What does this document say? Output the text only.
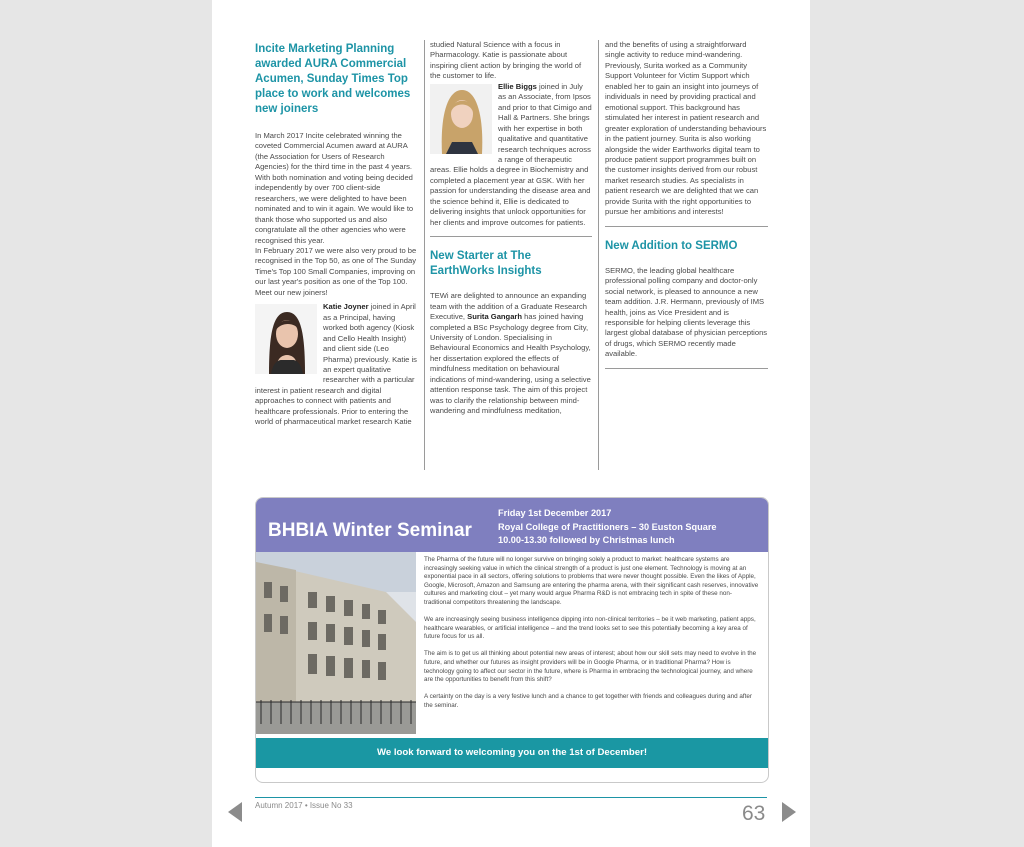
Incite Marketing Planning awarded AURA Commercial Acumen, Sunday Times Top place to work and welcomes new joiners

In March 2017 Incite celebrated winning the coveted Commercial Acumen award at AURA (the Association for Users of Research Agencies) for the third time in the past 4 years. With both nomination and voting being decided independently by over 700 client-side researchers, we were delighted to have been nominated and to win it again. We would like to thank those who supported us and also congratulate all the other agencies who were recognised this year.

In February 2017 we were also very proud to be recognised in the Top 50, as one of The Sunday Time's Top 100 Small Companies, improving on our last year's position as one of the Top 100. Meet our new joiners!

Katie Joyner joined in April as a Principal, having worked both agency (Kiosk and Cello Health Insight) and client side (Leo Pharma) previously. Katie is an expert qualitative researcher with a particular interest in patient research and digital approaches to connect with patients and healthcare professionals. Prior to entering the world of pharmaceutical market research Katie

studied Natural Science with a focus in Pharmacology. Katie is passionate about inspiring client action by bringing the world of the customer to life.

Ellie Biggs joined in July as an Associate, from Ipsos and prior to that Cimigo and Hall & Partners. She brings with her expertise in both qualitative and quantitative research techniques across a range of therapeutic areas. Ellie holds a degree in Biochemistry and completed a placement year at GSK. With her passion for understanding the disease area and the science behind it, Ellie is dedicated to delivering insights that unlock opportunities for her clients and improve outcomes for patients.

New Starter at The EarthWorks Insights

TEWi are delighted to announce an expanding team with the addition of a Graduate Research Executive, Surita Gangarh has joined having completed a BSc Psychology degree from City, University of London. Specialising in Behavioural Economics and Health Psychology, her dissertation explored the effects of mindfulness meditation on behavioural indications of mind-wandering, using a selective attention response task. The aim of this project was to clarify the relationship between mind-wandering and mindfulness meditation,

and the benefits of using a straightforward single activity to reduce mind-wandering. Previously, Surita worked as a Community Support Volunteer for Victim Support which enabled her to gain an insight into journeys of individuals in need by providing practical and emotional support. This background has stimulated her interest in patient research and greater exploration of understanding behaviours in the patient journey. Surita is also working alongside the wider Earthworks digital team to produce patient support programmes built on the customer insights derived from our robust market research studies. As specialists in patient research we are delighted that we can provide Surita with the right opportunities to pursue her ambitions and interests!

New Addition to SERMO

SERMO, the leading global healthcare professional polling company and doctor-only social network, is pleased to announce a new team addition. J.R. Hermann, previously of IMS health, joins as Vice President and is responsible for helping clients leverage this largest global database of physician perceptions of drugs, which SERMO recently made available.

BHBIA Winter Seminar
Friday 1st December 2017
Royal College of Practitioners – 30 Euston Square
10.00-13.30 followed by Christmas lunch

The Pharma of the future will no longer survive on bringing solely a product to market: healthcare systems are increasingly seeking value in which the clinical strength of a product is just one element. Technology is moving at an exponential pace in all sectors, offering solutions to problems that were never thought possible. Even the likes of Apple, Google, Microsoft, Amazon and Samsung are entering the pharma arena, with their significant cash reserves, innovative cultures and marketing clout – yet many would argue Pharma R&D is not embracing tech in spite of these non-traditional competitors threatening the landscape.

We are increasingly seeing business intelligence dipping into non-clinical territories – be it web marketing, patient apps, healthcare wearables, or artificial intelligence – and the trend looks set to see this potentially becoming a key area of future focus for us all.

The aim is to get us all thinking about potential new areas of interest; about how our skill sets may need to evolve in the future, and whether our futures as insight providers will be in Google Pharma, or in traditional Pharma? How is technology going to affect our sector in the future, where is Pharma in embracing the technological journey, and where are the opportunities to benefit from this shift?

A certainty on the day is a very festive lunch and a chance to get together with friends and colleagues during and after the seminar.

We look forward to welcoming you on the 1st of December!
Autumn 2017 • Issue No 33	63
